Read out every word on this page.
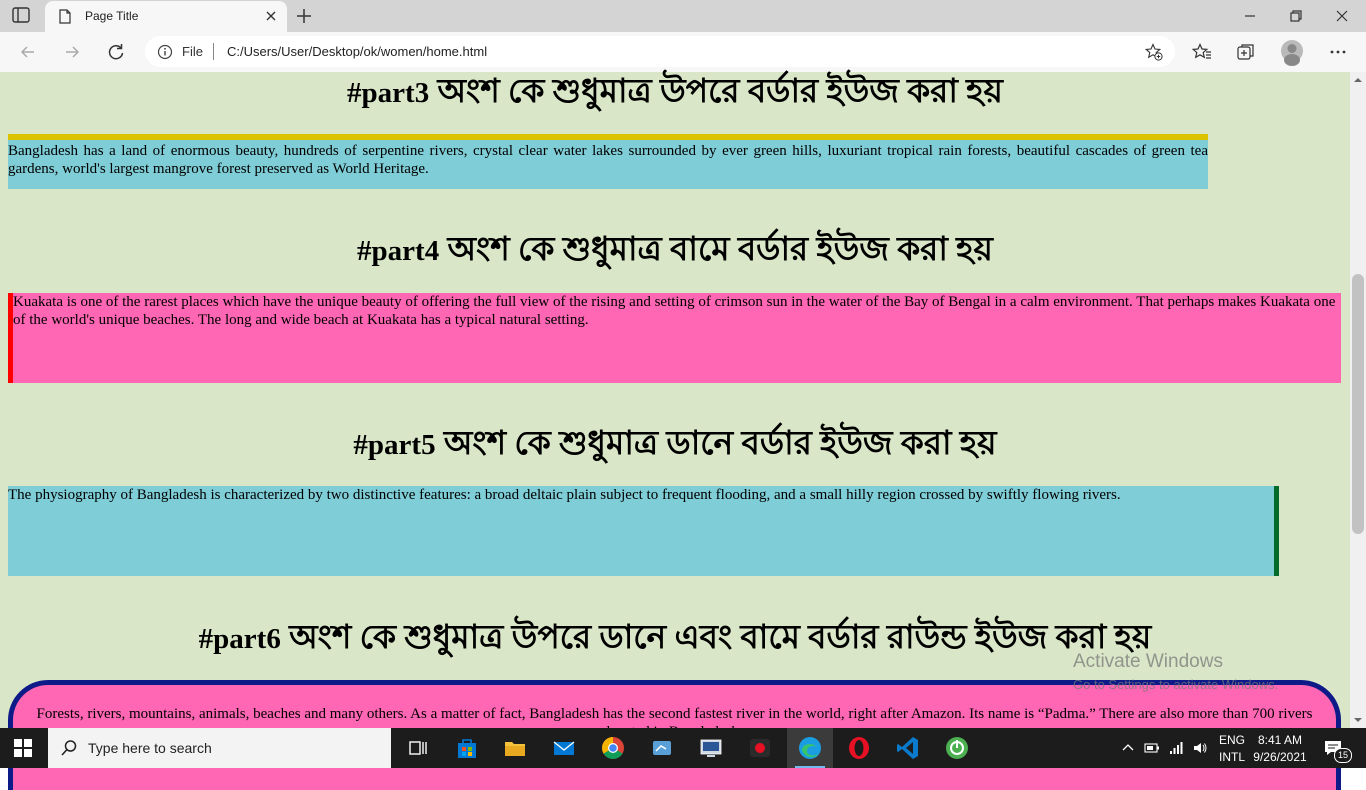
Page Title
File C:/Users/User/Desktop/ok/women/home.html
#part3 অংশ কে শুধুমাত্র উপরে বর্ডার ইউজ করা হয়
Bangladesh has a land of enormous beauty, hundreds of serpentine rivers, crystal clear water lakes surrounded by ever green hills, luxuriant tropical rain forests, beautiful cascades of green tea gardens, world's largest mangrove forest preserved as World Heritage.
#part4 অংশ কে শুধুমাত্র বামে বর্ডার ইউজ করা হয়
Kuakata is one of the rarest places which have the unique beauty of offering the full view of the rising and setting of crimson sun in the water of the Bay of Bengal in a calm environment. That perhaps makes Kuakata one of the world's unique beaches. The long and wide beach at Kuakata has a typical natural setting.
#part5 অংশ কে শুধুমাত্র ডানে বর্ডার ইউজ করা হয়
The physiography of Bangladesh is characterized by two distinctive features: a broad deltaic plain subject to frequent flooding, and a small hilly region crossed by swiftly flowing rivers.
#part6 অংশ কে শুধুমাত্র উপরে ডানে এবং বামে বর্ডার রাউন্ড ইউজ করা হয়
Forests, rivers, mountains, animals, beaches and many others. As a matter of fact, Bangladesh has the second fastest river in the world, right after Amazon. Its name is “Padma.” There are also more than 700 rivers
Activate Windows
Go to Settings to activate Windows.
Type here to search	ENG
INTL
8:41 AM
9/26/2021	15
